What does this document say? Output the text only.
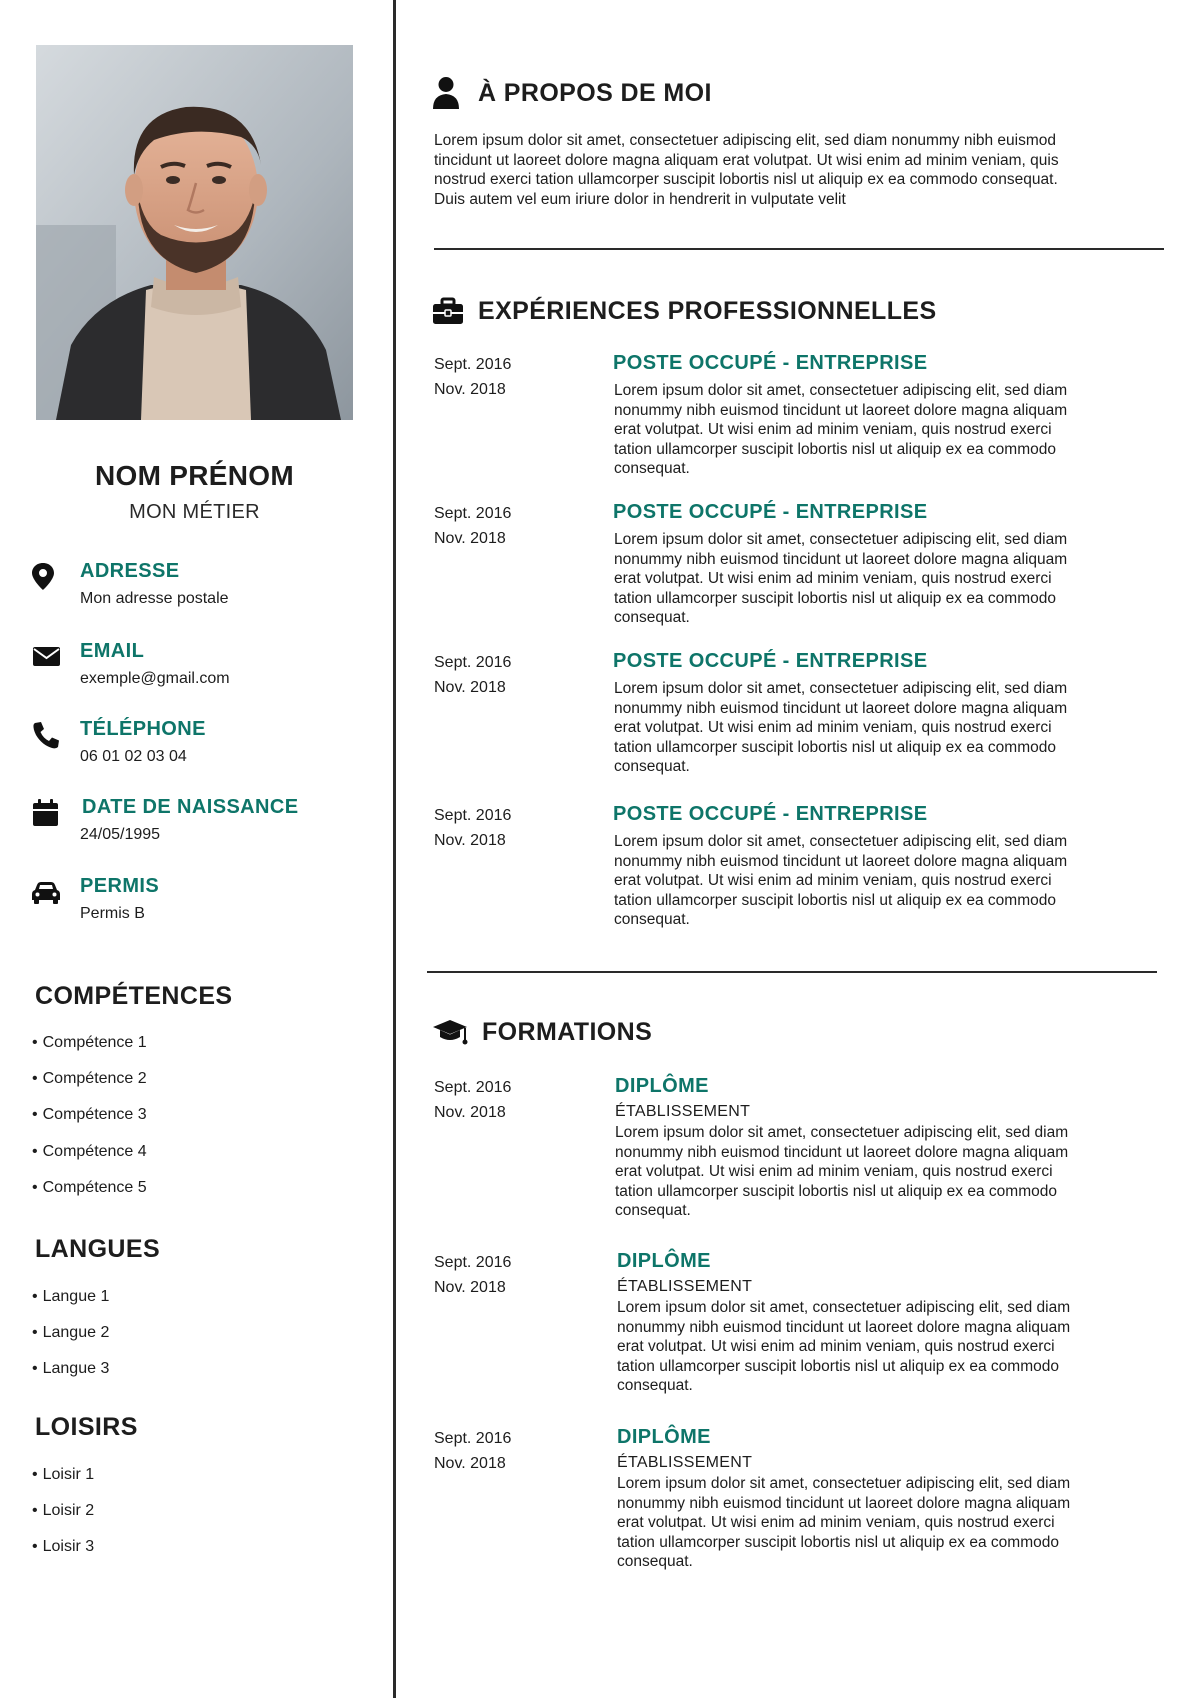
NOM PRÉNOM
MON MÉTIER
ADRESSE
Mon adresse postale
EMAIL
exemple@gmail.com
TÉLÉPHONE
06 01 02 03 04
DATE DE NAISSANCE
24/05/1995
PERMIS
Permis B
COMPÉTENCES
• Compétence 1
• Compétence 2
• Compétence 3
• Compétence 4
• Compétence 5
LANGUES
• Langue 1
• Langue 2
• Langue 3
LOISIRS
• Loisir 1
• Loisir 2
• Loisir 3
À PROPOS DE MOI
Lorem ipsum dolor sit amet, consectetuer adipiscing elit, sed diam nonummy nibh euismod tincidunt ut laoreet dolore magna aliquam erat volutpat. Ut wisi enim ad minim veniam, quis nostrud exerci tation ullamcorper suscipit lobortis nisl ut aliquip ex ea commodo consequat. Duis autem vel eum iriure dolor in hendrerit in vulputate velit
EXPÉRIENCES PROFESSIONNELLES
Sept. 2016
Nov. 2018
POSTE OCCUPÉ - ENTREPRISE
Lorem ipsum dolor sit amet, consectetuer adipiscing elit, sed diam nonummy nibh euismod tincidunt ut laoreet dolore magna aliquam erat volutpat. Ut wisi enim ad minim veniam, quis nostrud exerci tation ullamcorper suscipit lobortis nisl ut aliquip ex ea commodo consequat.
Sept. 2016
Nov. 2018
POSTE OCCUPÉ - ENTREPRISE
Lorem ipsum dolor sit amet, consectetuer adipiscing elit, sed diam nonummy nibh euismod tincidunt ut laoreet dolore magna aliquam erat volutpat. Ut wisi enim ad minim veniam, quis nostrud exerci tation ullamcorper suscipit lobortis nisl ut aliquip ex ea commodo consequat.
Sept. 2016
Nov. 2018
POSTE OCCUPÉ - ENTREPRISE
Lorem ipsum dolor sit amet, consectetuer adipiscing elit, sed diam nonummy nibh euismod tincidunt ut laoreet dolore magna aliquam erat volutpat. Ut wisi enim ad minim veniam, quis nostrud exerci tation ullamcorper suscipit lobortis nisl ut aliquip ex ea commodo consequat.
Sept. 2016
Nov. 2018
POSTE OCCUPÉ - ENTREPRISE
Lorem ipsum dolor sit amet, consectetuer adipiscing elit, sed diam nonummy nibh euismod tincidunt ut laoreet dolore magna aliquam erat volutpat. Ut wisi enim ad minim veniam, quis nostrud exerci tation ullamcorper suscipit lobortis nisl ut aliquip ex ea commodo consequat.
FORMATIONS
Sept. 2016
Nov. 2018
DIPLÔME
ÉTABLISSEMENT
Lorem ipsum dolor sit amet, consectetuer adipiscing elit, sed diam nonummy nibh euismod tincidunt ut laoreet dolore magna aliquam erat volutpat. Ut wisi enim ad minim veniam, quis nostrud exerci tation ullamcorper suscipit lobortis nisl ut aliquip ex ea commodo consequat.
Sept. 2016
Nov. 2018
DIPLÔME
ÉTABLISSEMENT
Lorem ipsum dolor sit amet, consectetuer adipiscing elit, sed diam nonummy nibh euismod tincidunt ut laoreet dolore magna aliquam erat volutpat. Ut wisi enim ad minim veniam, quis nostrud exerci tation ullamcorper suscipit lobortis nisl ut aliquip ex ea commodo consequat.
Sept. 2016
Nov. 2018
DIPLÔME
ÉTABLISSEMENT
Lorem ipsum dolor sit amet, consectetuer adipiscing elit, sed diam nonummy nibh euismod tincidunt ut laoreet dolore magna aliquam erat volutpat. Ut wisi enim ad minim veniam, quis nostrud exerci tation ullamcorper suscipit lobortis nisl ut aliquip ex ea commodo consequat.
